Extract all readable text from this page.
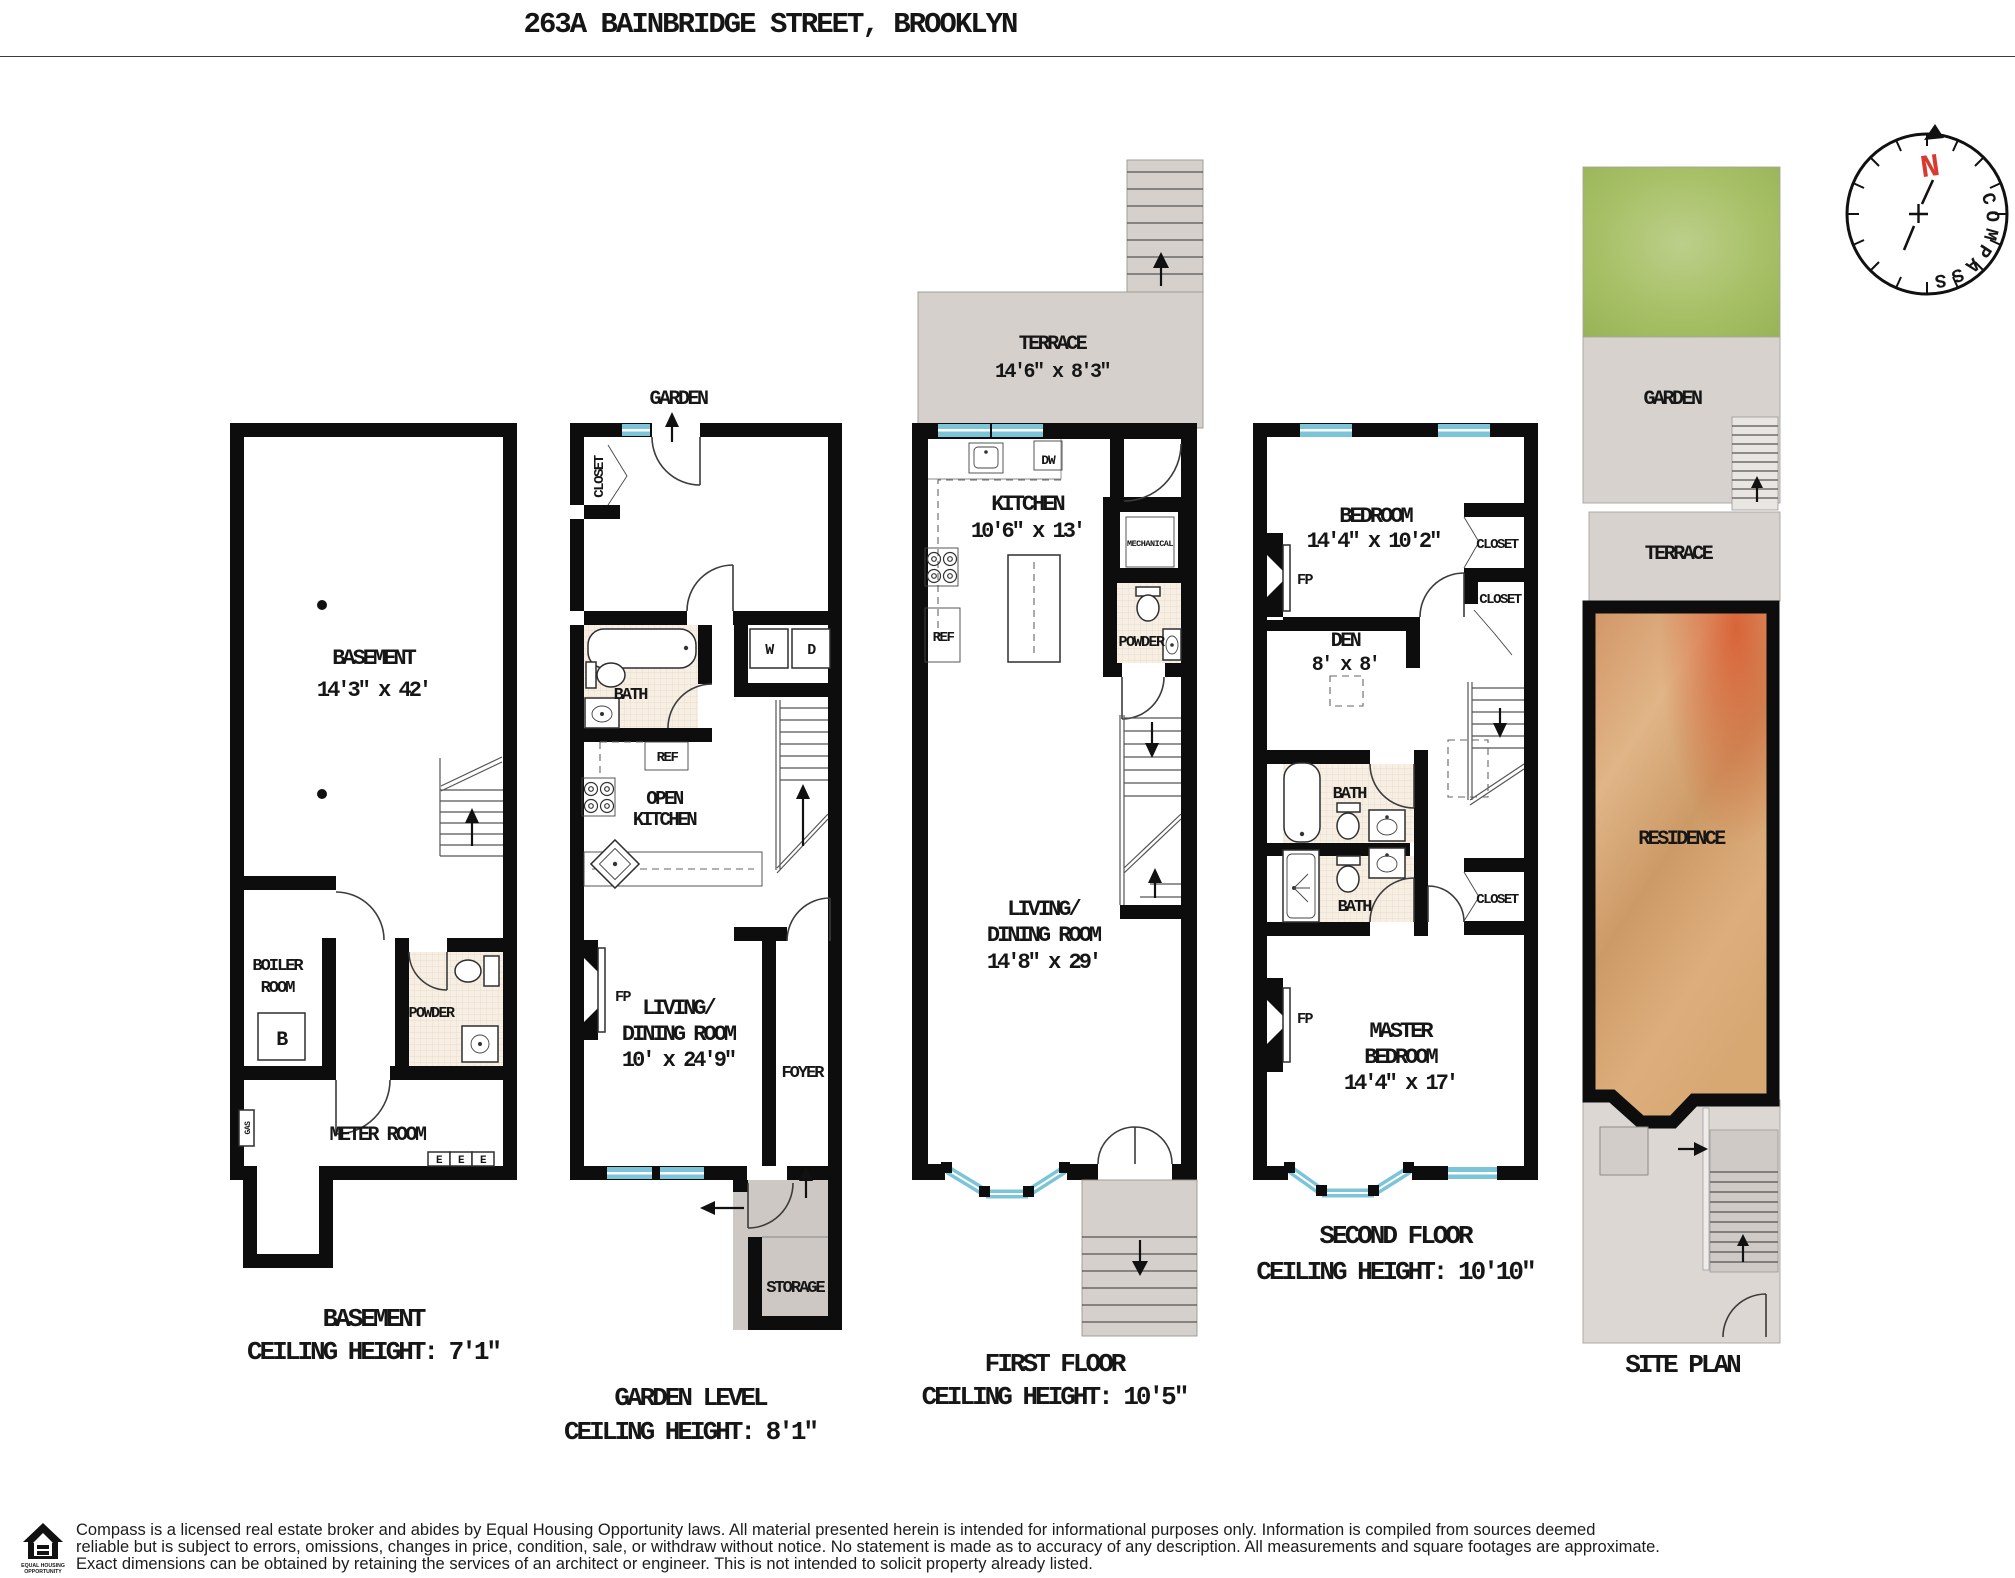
263A BAINBRIDGE STREET, BROOKLYN
B
GAS
E E E
BASEMENT
14'3" x 42'
BOILER
ROOM
POWDER
METER ROOM
BASEMENT
CEILING HEIGHT: 7'1"
GARDEN
CLOSET
BATH
W D
REF
OPEN
KITCHEN
FP LIVING/
DINING ROOM
10' x 24'9"
FOYER
STORAGE
GARDEN LEVEL
CEILING HEIGHT: 8'1"
TERRACE
14'6" x 8'3"
MECHANICAL
POWDER
DW
REF
KITCHEN
10'6" x 13'
LIVING/
DINING ROOM
14'8" x 29'
FIRST FLOOR
CEILING HEIGHT: 10'5"
FP
FP
BEDROOM
14'4" x 10'2"	CLOSET
CLOSET
DEN
8' x 8'
BATH
BATH	CLOSET
MASTER
BEDROOM
14'4" x 17'
SECOND FLOOR
CEILING HEIGHT: 10'10"
GARDEN
TERRACE
RESIDENCE
SITE PLAN
N
COMPASS
EQUAL HOUSING
OPPORTUNITY
Compass is a licensed real estate broker and abides by Equal Housing Opportunity laws. All material presented herein is intended for informational purposes only. Information is compiled from sources deemed
reliable but is subject to errors, omissions, changes in price, condition, sale, or withdraw without notice. No statement is made as to accuracy of any description. All measurements and square footages are approximate.
Exact dimensions can be obtained by retaining the services of an architect or engineer. This is not intended to solicit property already listed.
